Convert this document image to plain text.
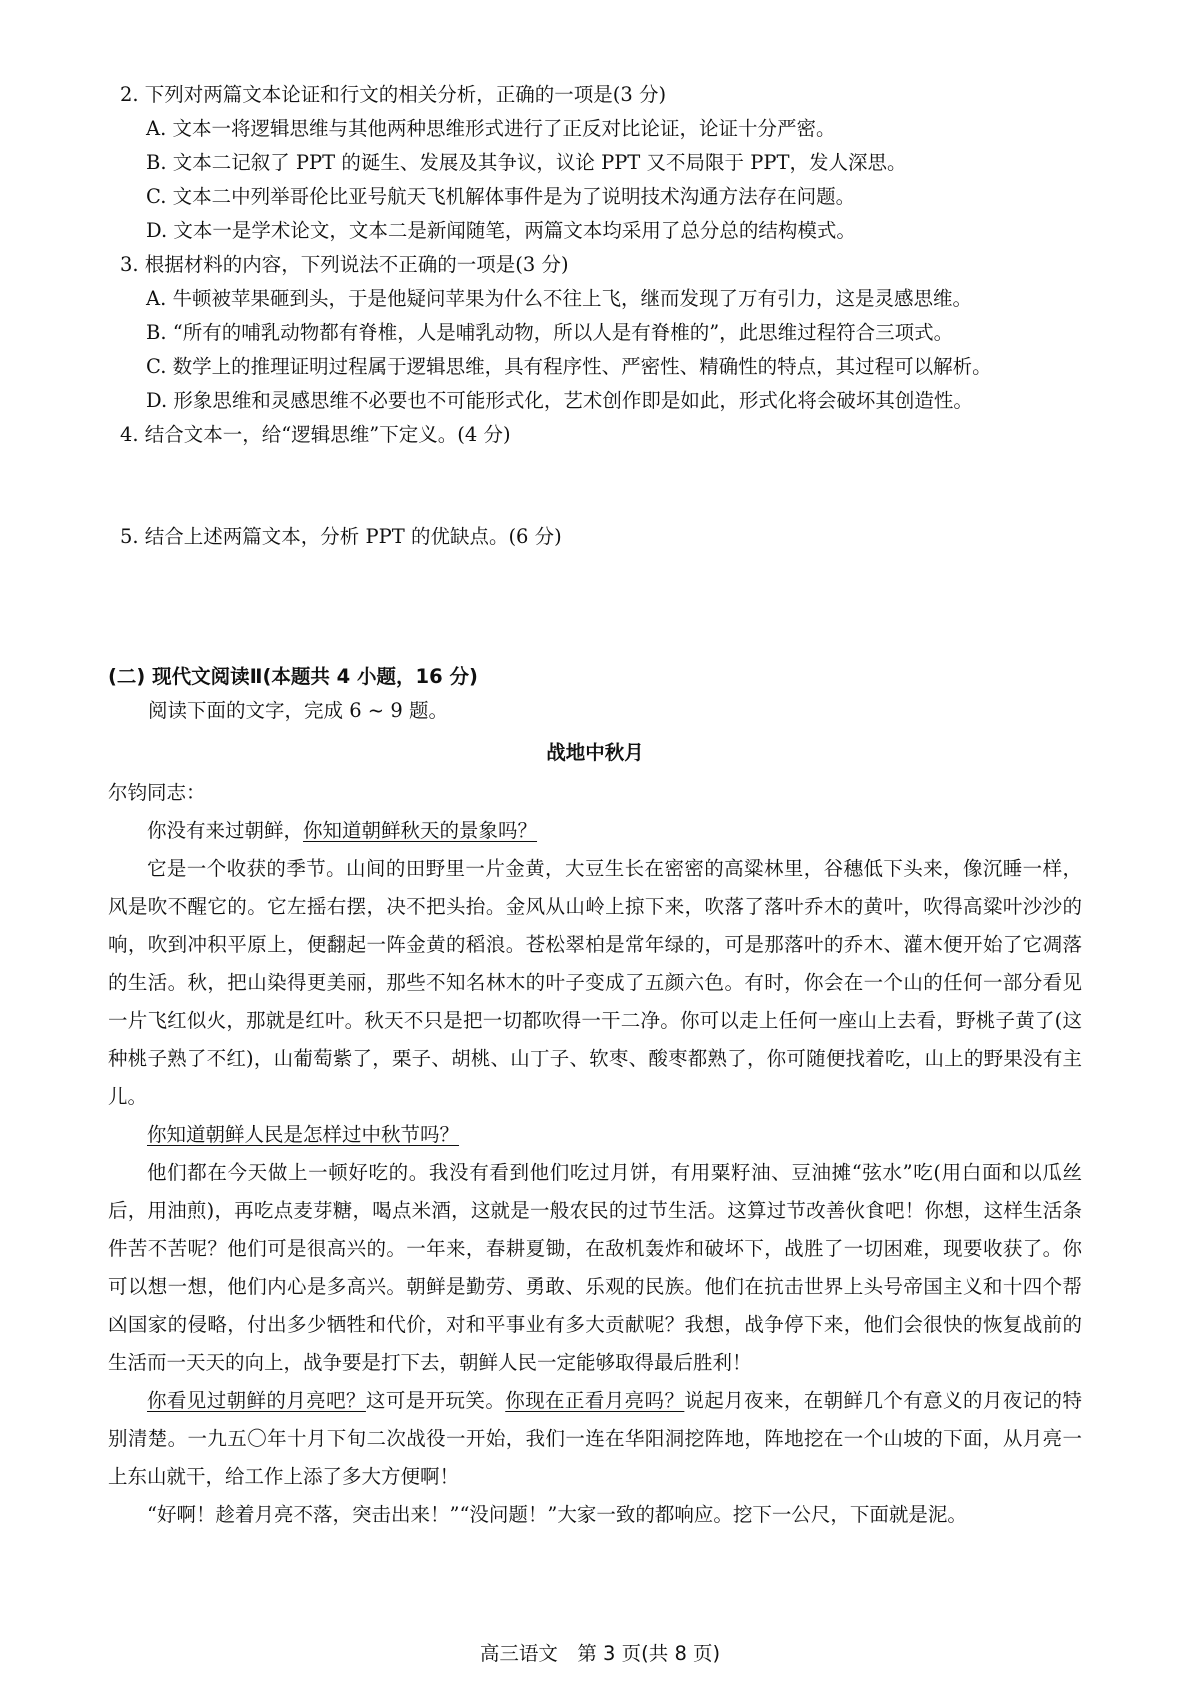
2. 下列对两篇文本论证和行文的相关分析，正确的一项是(3 分)
A. 文本一将逻辑思维与其他两种思维形式进行了正反对比论证，论证十分严密。
B. 文本二记叙了 PPT 的诞生、发展及其争议，议论 PPT 又不局限于 PPT，发人深思。
C. 文本二中列举哥伦比亚号航天飞机解体事件是为了说明技术沟通方法存在问题。
D. 文本一是学术论文，文本二是新闻随笔，两篇文本均采用了总分总的结构模式。
3. 根据材料的内容，下列说法不正确的一项是(3 分)
A. 牛顿被苹果砸到头，于是他疑问苹果为什么不往上飞，继而发现了万有引力，这是灵感思维。
B. “所有的哺乳动物都有脊椎，人是哺乳动物，所以人是有脊椎的”，此思维过程符合三项式。
C. 数学上的推理证明过程属于逻辑思维，具有程序性、严密性、精确性的特点，其过程可以解析。
D. 形象思维和灵感思维不必要也不可能形式化，艺术创作即是如此，形式化将会破坏其创造性。
4. 结合文本一，给“逻辑思维”下定义。(4 分)
5. 结合上述两篇文本，分析 PPT 的优缺点。(6 分)
(二) 现代文阅读Ⅱ(本题共 4 小题，16 分)
阅读下面的文字，完成 6 ~ 9 题。
战地中秋月
尔钧同志：
你没有来过朝鲜，你知道朝鲜秋天的景象吗？
它是一个收获的季节。山间的田野里一片金黄，大豆生长在密密的高粱林里，谷穗低下头来，像沉睡一样，风是吹不醒它的。它左摇右摆，决不把头抬。金风从山岭上掠下来，吹落了落叶乔木的黄叶，吹得高粱叶沙沙的响，吹到冲积平原上，便翻起一阵金黄的稻浪。苍松翠柏是常年绿的，可是那落叶的乔木、灌木便开始了它凋落的生活。秋，把山染得更美丽，那些不知名林木的叶子变成了五颜六色。有时，你会在一个山的任何一部分看见一片飞红似火，那就是红叶。秋天不只是把一切都吹得一干二净。你可以走上任何一座山上去看，野桃子黄了(这种桃子熟了不红)，山葡萄紫了，栗子、胡桃、山丁子、软枣、酸枣都熟了，你可随便找着吃，山上的野果没有主儿。
你知道朝鲜人民是怎样过中秋节吗？
他们都在今天做上一顿好吃的。我没有看到他们吃过月饼，有用粟籽油、豆油摊“弦水”吃(用白面和以瓜丝后，用油煎)，再吃点麦芽糖，喝点米酒，这就是一般农民的过节生活。这算过节改善伙食吧！你想，这样生活条件苦不苦呢？他们可是很高兴的。一年来，春耕夏锄，在敌机轰炸和破坏下，战胜了一切困难，现要收获了。你可以想一想，他们内心是多高兴。朝鲜是勤劳、勇敢、乐观的民族。他们在抗击世界上头号帝国主义和十四个帮凶国家的侵略，付出多少牺牲和代价，对和平事业有多大贡献呢？我想，战争停下来，他们会很快的恢复战前的生活而一天天的向上，战争要是打下去，朝鲜人民一定能够取得最后胜利！
你看见过朝鲜的月亮吧？这可是开玩笑。你现在正看月亮吗？说起月夜来，在朝鲜几个有意义的月夜记的特别清楚。一九五〇年十月下旬二次战役一开始，我们一连在华阳洞挖阵地，阵地挖在一个山坡的下面，从月亮一上东山就干，给工作上添了多大方便啊！
“好啊！趁着月亮不落，突击出来！”“没问题！”大家一致的都响应。挖下一公尺，下面就是泥。
高三语文　第 3 页(共 8 页)
